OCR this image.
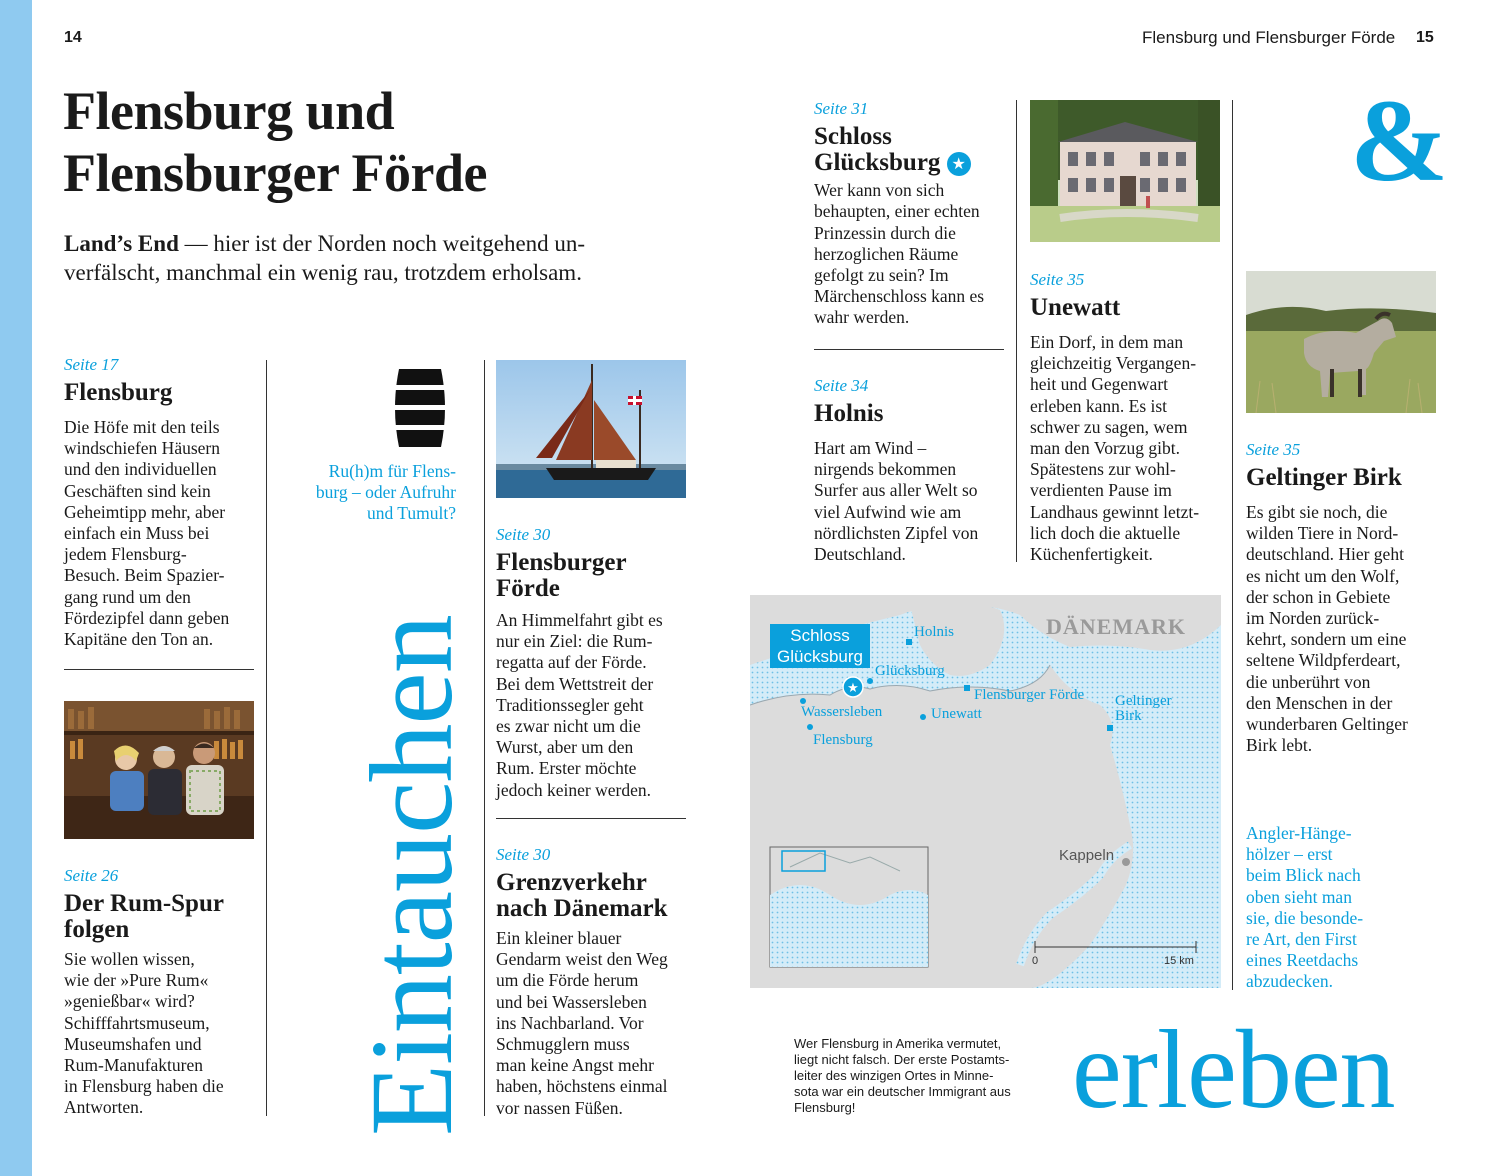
14	Flensburg und Flensburger Förde 15
Flensburg und
Flensburger Förde
Land’s End — hier ist der Norden noch weitgehend un-
verfälscht, manchmal ein wenig rau, trotzdem erholsam.
Seite 17
Flensburg
Die Höfe mit den teils
windschiefen Häusern
und den individuellen
Geschäften sind kein
Geheimtipp mehr, aber
einfach ein Muss bei
jedem Flensburg-
Besuch. Beim Spazier-
gang rund um den
Fördezipfel dann geben
Kapitäne den Ton an.
Seite 26
Der Rum-Spur
folgen
Sie wollen wissen,
wie der »Pure Rum«
»genießbar« wird?
Schifffahrtsmuseum,
Museumshafen und
Rum-Manufakturen
in Flensburg haben die
Antworten.
Ru(h)m für Flens-
burg – oder Aufruhr
und Tumult?
Eintauchen
Seite 30
Flensburger
Förde
An Himmelfahrt gibt es
nur ein Ziel: die Rum-
regatta auf der Förde.
Bei dem Wettstreit der
Traditionssegler geht
es zwar nicht um die
Wurst, aber um den
Rum. Erster möchte
jedoch keiner werden.
Seite 30
Grenzverkehr
nach Dänemark
Ein kleiner blauer
Gendarm weist den Weg
um die Förde herum
und bei Wassersleben
ins Nachbarland. Vor
Schmugglern muss
man keine Angst mehr
haben, höchstens einmal
vor nassen Füßen.
Seite 31
Schloss
Glücksburg ★
Wer kann von sich
behaupten, einer echten
Prinzessin durch die
herzoglichen Räume
gefolgt zu sein? Im
Märchenschloss kann es
wahr werden.
Seite 34
Holnis
Hart am Wind –
nirgends bekommen
Surfer aus aller Welt so
viel Aufwind wie am
nördlichsten Zipfel von
Deutschland.
Seite 35
Unewatt
Ein Dorf, in dem man
gleichzeitig Vergangen-
heit und Gegenwart
erleben kann. Es ist
schwer zu sagen, wem
man den Vorzug gibt.
Spätestens zur wohl-
verdienten Pause im
Landhaus gewinnt letzt-
lich doch die aktuelle
Küchenfertigkeit.
&
Seite 35
Geltinger Birk
Es gibt sie noch, die
wilden Tiere in Nord-
deutschland. Hier geht
es nicht um den Wolf,
der schon in Gebiete
im Norden zurück-
kehrt, sondern um eine
seltene Wildpferdeart,
die unberührt von
den Menschen in der
wunderbaren Geltinger
Birk lebt.
Angler-Hänge-
hölzer – erst
beim Blick nach
oben sieht man
sie, die besonde-
re Art, den First
eines Reetdachs
abzudecken.
★
DÄNEMARK
Schloss
Glücksburg
Holnis
Glücksburg
Flensburger Förde Geltinger
Birk
Wassersleben	Unewatt
Flensburg
Kappeln
0	15 km
Wer Flensburg in Amerika vermutet,
liegt nicht falsch. Der erste Postamts-
leiter des winzigen Ortes in Minne-
sota war ein deutscher Immigrant aus
Flensburg!	erleben
